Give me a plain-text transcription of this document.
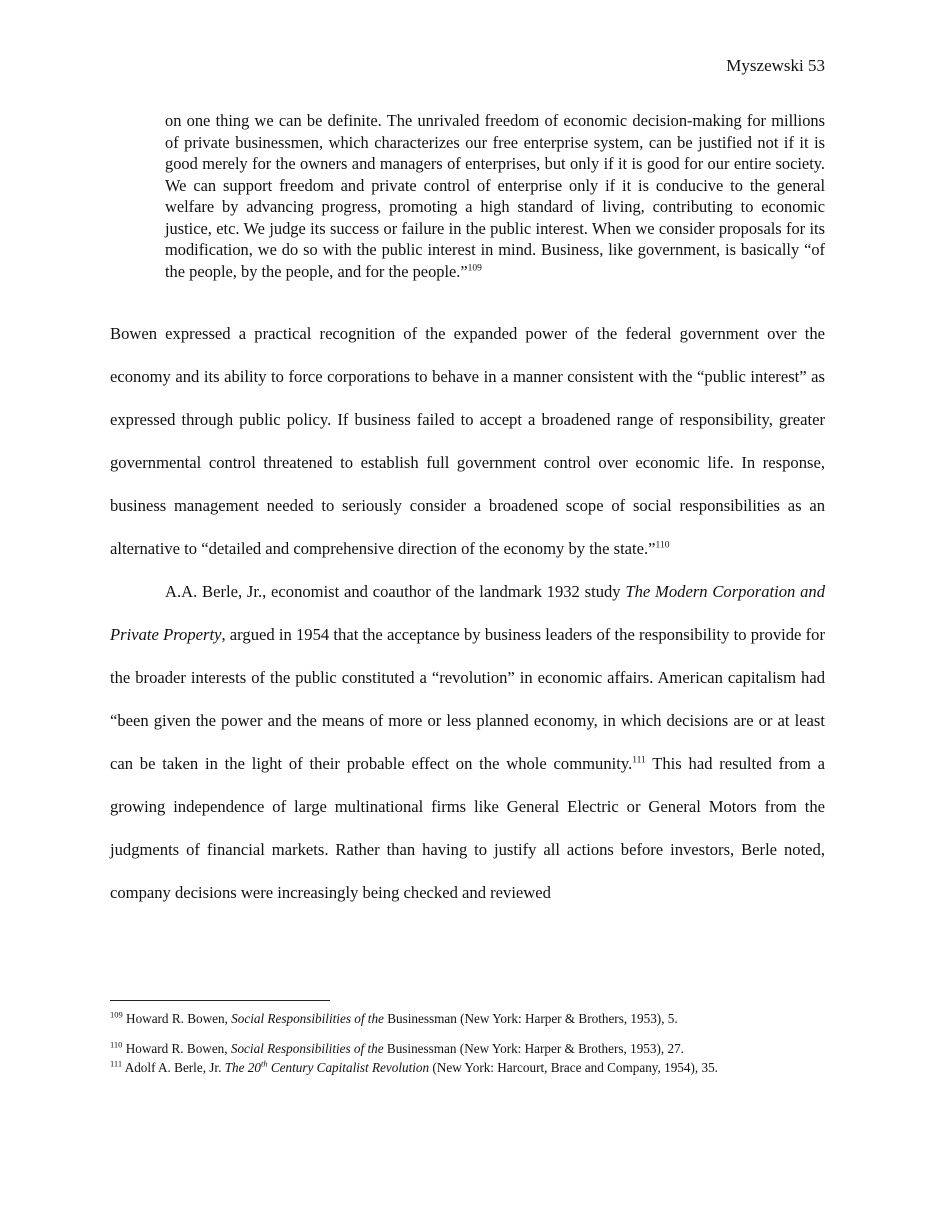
Myszewski 53

on one thing we can be definite. The unrivaled freedom of economic decision-making for millions of private businessmen, which characterizes our free enterprise system, can be justified not if it is good merely for the owners and managers of enterprises, but only if it is good for our entire society. We can support freedom and private control of enterprise only if it is conducive to the general welfare by advancing progress, promoting a high standard of living, contributing to economic justice, etc. We judge its success or failure in the public interest. When we consider proposals for its modification, we do so with the public interest in mind. Business, like government, is basically “of the people, by the people, and for the people.”$^{109}$

Bowen expressed a practical recognition of the expanded power of the federal government over the economy and its ability to force corporations to behave in a manner consistent with the “public interest” as expressed through public policy. If business failed to accept a broadened range of responsibility, greater governmental control threatened to establish full government control over economic life. In response, business management needed to seriously consider a broadened scope of social responsibilities as an alternative to “detailed and comprehensive direction of the economy by the state.”$^{110}$

A.A. Berle, Jr., economist and coauthor of the landmark 1932 study The Modern Corporation and Private Property, argued in 1954 that the acceptance by business leaders of the responsibility to provide for the broader interests of the public constituted a “revolution” in economic affairs. American capitalism had “been given the power and the means of more or less planned economy, in which decisions are or at least can be taken in the light of their probable effect on the whole community.$^{111}$ This had resulted from a growing independence of large multinational firms like General Electric or General Motors from the judgments of financial markets. Rather than having to justify all actions before investors, Berle noted, company decisions were increasingly being checked and reviewed

$^{109}$ Howard R. Bowen, Social Responsibilities of the Businessman (New York: Harper & Brothers, 1953), 5.

$^{110}$ Howard R. Bowen, Social Responsibilities of the Businessman (New York: Harper & Brothers, 1953), 27.

$^{111}$ Adolf A. Berle, Jr. The 20th Century Capitalist Revolution (New York: Harcourt, Brace and Company, 1954), 35.
